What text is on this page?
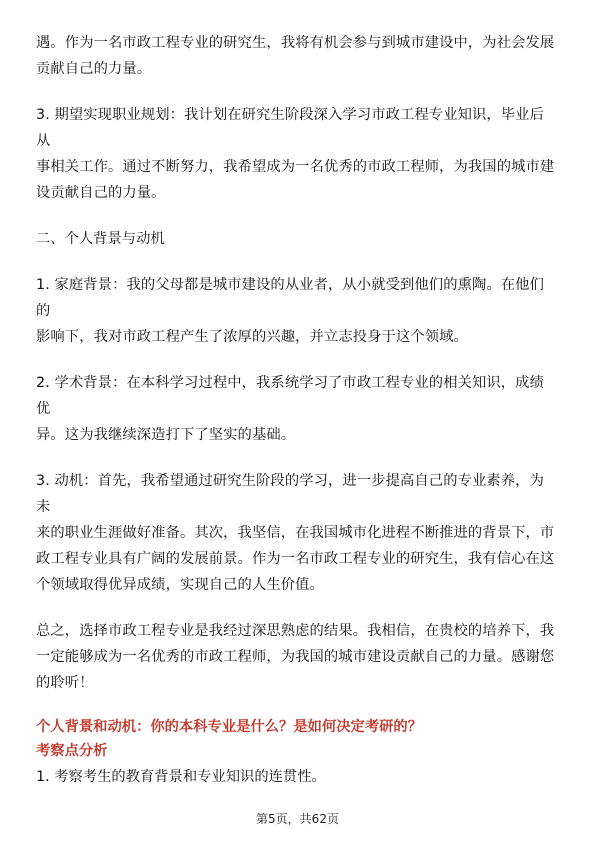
遇。作为一名市政工程专业的研究生，我将有机会参与到城市建设中，为社会发展
贡献自己的力量。

3. 期望实现职业规划：我计划在研究生阶段深入学习市政工程专业知识，毕业后从
事相关工作。通过不断努力，我希望成为一名优秀的市政工程师，为我国的城市建
设贡献自己的力量。

二、个人背景与动机

1. 家庭背景：我的父母都是城市建设的从业者，从小就受到他们的熏陶。在他们的
影响下，我对市政工程产生了浓厚的兴趣，并立志投身于这个领域。

2. 学术背景：在本科学习过程中，我系统学习了市政工程专业的相关知识，成绩优
异。这为我继续深造打下了坚实的基础。

3. 动机：首先，我希望通过研究生阶段的学习，进一步提高自己的专业素养，为未
来的职业生涯做好准备。其次，我坚信，在我国城市化进程不断推进的背景下，市
政工程专业具有广阔的发展前景。作为一名市政工程专业的研究生，我有信心在这
个领域取得优异成绩，实现自己的人生价值。

总之，选择市政工程专业是我经过深思熟虑的结果。我相信，在贵校的培养下，我
一定能够成为一名优秀的市政工程师，为我国的城市建设贡献自己的力量。感谢您
的聆听！

个人背景和动机：你的本科专业是什么？是如何决定考研的？

考察点分析

1. 考察考生的教育背景和专业知识的连贯性。

第5页，共62页
